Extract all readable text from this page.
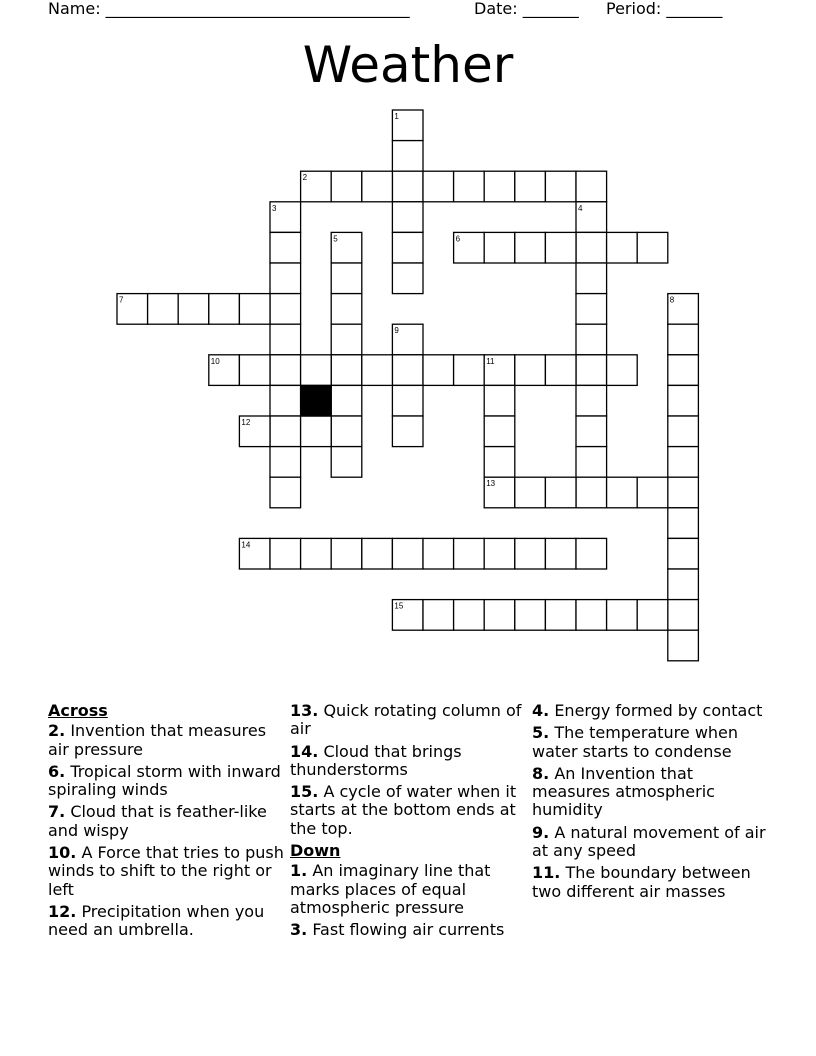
Name: ______________________________________	Date: _______ Period: _______
Weather
1
2
3	4
5	6
7	8
9
10	11
12
13
14
15
Across
2. Invention that measures air pressure
6. Tropical storm with inward spiraling winds
7. Cloud that is feather-like and wispy
10. A Force that tries to push winds to shift to the right or left
12. Precipitation when you need an umbrella.
13. Quick rotating column of air
14. Cloud that brings thunderstorms
15. A cycle of water when it starts at the bottom ends at the top.
Down
1. An imaginary line that marks places of equal atmospheric pressure
3. Fast flowing air currents
4. Energy formed by contact
5. The temperature when water starts to condense
8. An Invention that measures atmospheric humidity
9. A natural movement of air at any speed
11. The boundary between two different air masses
